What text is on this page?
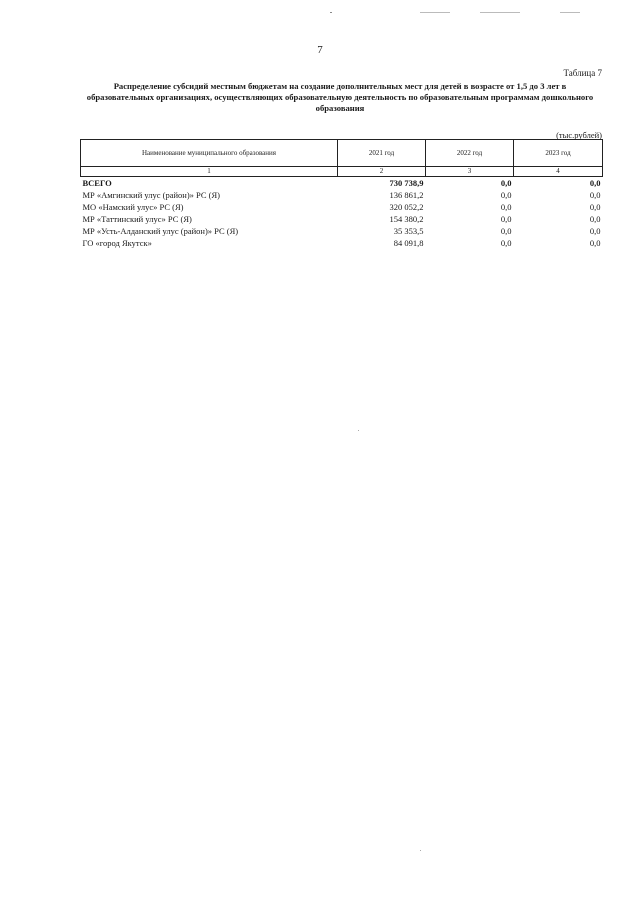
7
Таблица 7
Распределение субсидий местным бюджетам на создание дополнительных мест для детей в возрасте от 1,5 до 3 лет в образовательных организациях, осуществляющих образовательную деятельность по образовательным программам дошкольного образования
(тыс.рублей)
Наименование муниципального образования	2021 год	2022 год	2023 год
1	2	3	4
ВСЕГО	730 738,9	0,0	0,0
МР «Амгинский улус (район)» РС (Я)	136 861,2	0,0	0,0
МО «Намский улус» РС (Я)	320 052,2	0,0	0,0
МР «Таттинский улус» РС (Я)	154 380,2	0,0	0,0
МР «Усть-Алданский улус (район)» РС (Я)	35 353,5	0,0	0,0
ГО «город Якутск»	84 091,8	0,0	0,0
